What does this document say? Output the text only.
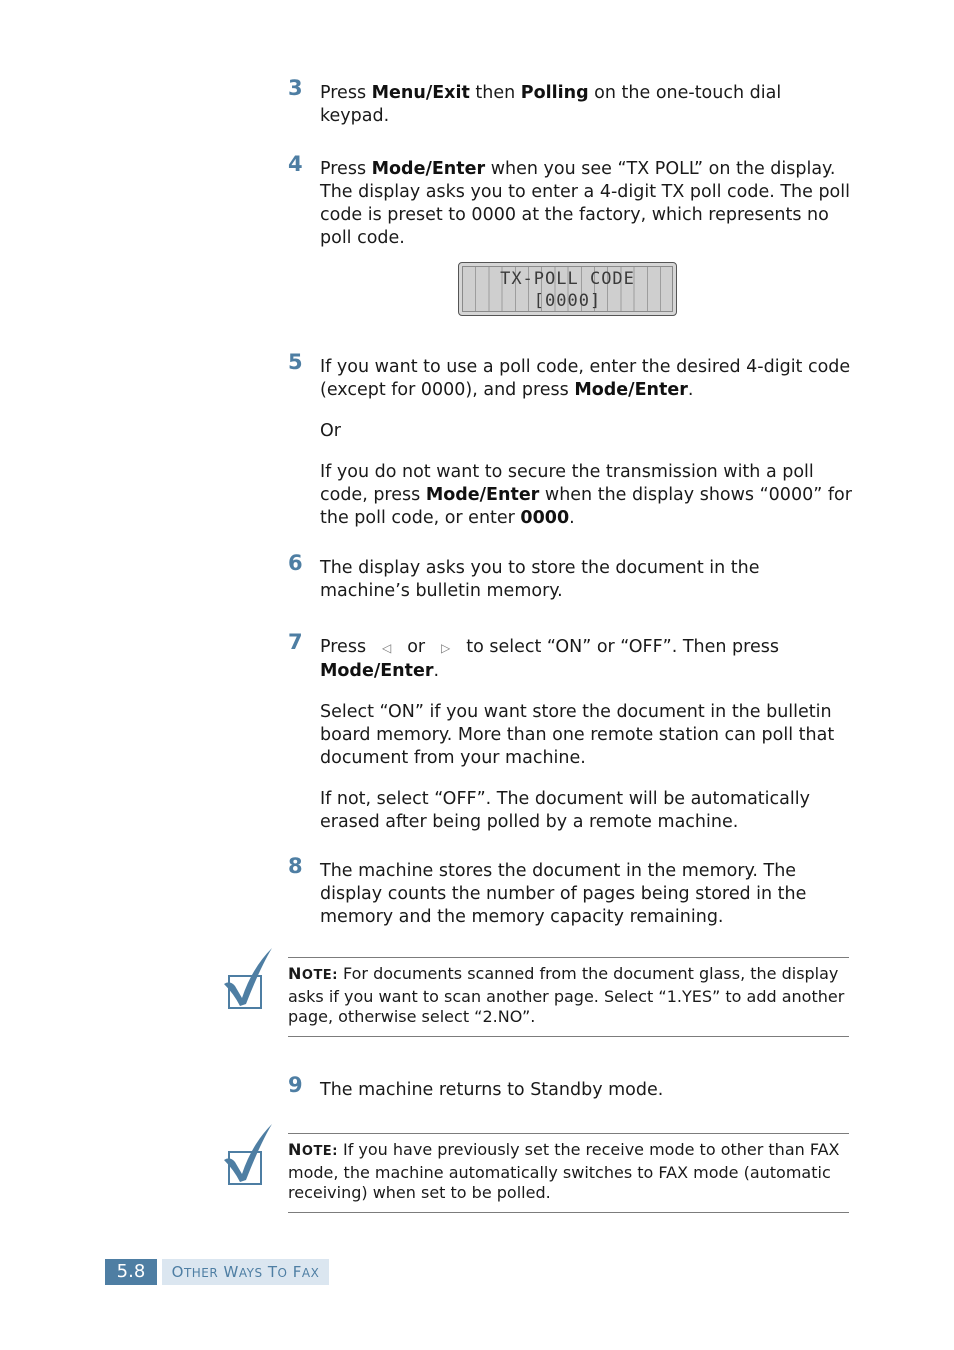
3 Press Menu/Exit then Polling on the one-touch dial keypad.

4 Press Mode/Enter when you see “TX POLL” on the display. The display asks you to enter a 4-digit TX poll code. The poll code is preset to 0000 at the factory, which represents no poll code.

TX-POLL CODE
[0000]
5 If you want to use a poll code, enter the desired 4-digit code (except for 0000), and press Mode/Enter.

Or

If you do not want to secure the transmission with a poll code, press Mode/Enter when the display shows “0000” for the poll code, or enter 0000.

6 The display asks you to store the document in the machine’s bulletin memory.

7 Press ◁ or ▷ to select “ON” or “OFF”. Then press Mode/Enter.

Select “ON” if you want store the document in the bulletin board memory. More than one remote station can poll that document from your machine.

If not, select “OFF”. The document will be automatically erased after being polled by a remote machine.

8 The machine stores the document in the memory. The display counts the number of pages being stored in the memory and the memory capacity remaining.

NOTE: For documents scanned from the document glass, the display asks if you want to scan another page. Select “1.YES” to add another page, otherwise select “2.NO”.
9 The machine returns to Standby mode.

NOTE: If you have previously set the receive mode to other than FAX mode, the machine automatically switches to FAX mode (automatic receiving) when set to be polled.
5.8	OTHER WAYS TO FAX
